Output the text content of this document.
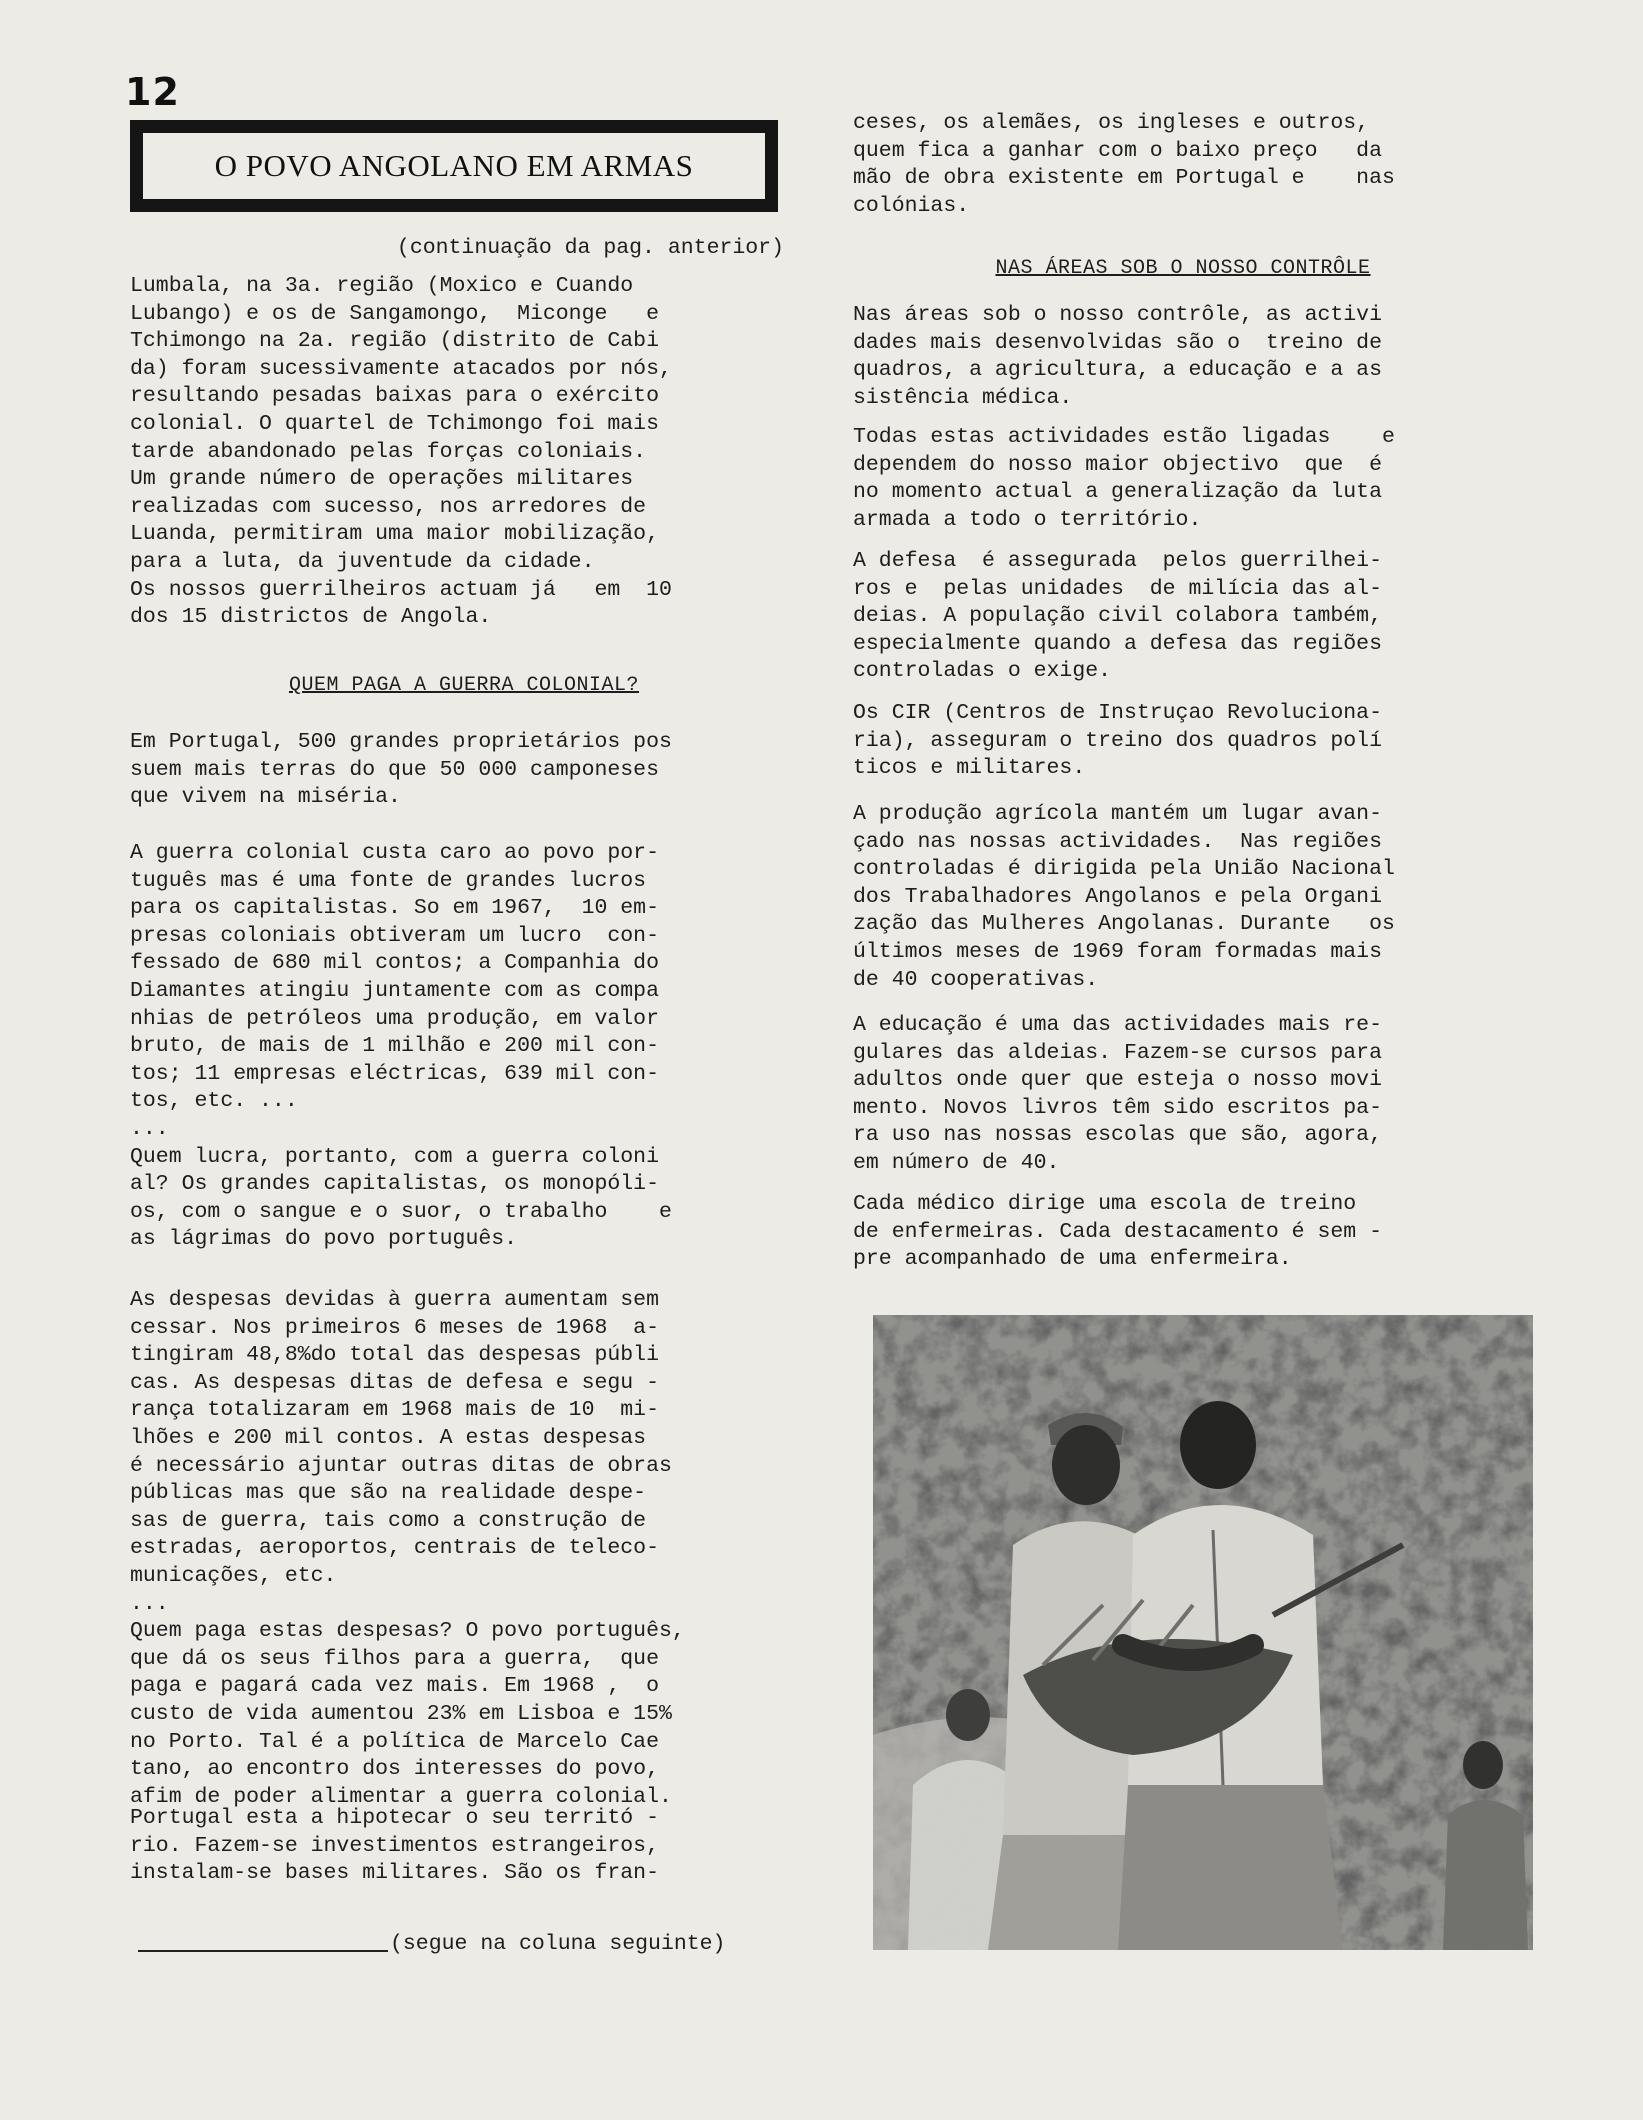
12
O POVO ANGOLANO EM ARMAS

(continuação da pag. anterior)

Lumbala, na 3a. região (Moxico e Cuando
Lubango) e os de Sangamongo,  Miconge   e
Tchimongo na 2a. região (distrito de Cabi
da) foram sucessivamente atacados por nós,
resultando pesadas baixas para o exército
colonial. O quartel de Tchimongo foi mais
tarde abandonado pelas forças coloniais.
Um grande número de operações militares
realizadas com sucesso, nos arredores de
Luanda, permitiram uma maior mobilização,
para a luta, da juventude da cidade.
Os nossos guerrilheiros actuam já   em  10
dos 15 districtos de Angola.

QUEM PAGA A GUERRA COLONIAL?

Em Portugal, 500 grandes proprietários pos
suem mais terras do que 50 000 camponeses
que vivem na miséria.

A guerra colonial custa caro ao povo por-
tuguês mas é uma fonte de grandes lucros
para os capitalistas. So em 1967,  10 em-
presas coloniais obtiveram um lucro  con-
fessado de 680 mil contos; a Companhia do
Diamantes atingiu juntamente com as compa
nhias de petróleos uma produção, em valor
bruto, de mais de 1 milhão e 200 mil con-
tos; 11 empresas eléctricas, 639 mil con-
tos, etc. ...
...
Quem lucra, portanto, com a guerra coloni
al? Os grandes capitalistas, os monopóli-
os, com o sangue e o suor, o trabalho    e
as lágrimas do povo português.

As despesas devidas à guerra aumentam sem
cessar. Nos primeiros 6 meses de 1968  a-
tingiram 48,8%do total das despesas públi
cas. As despesas ditas de defesa e segu -
rança totalizaram em 1968 mais de 10  mi-
lhões e 200 mil contos. A estas despesas
é necessário ajuntar outras ditas de obras
públicas mas que são na realidade despe-
sas de guerra, tais como a construção de
estradas, aeroportos, centrais de teleco-
municações, etc.
...
Quem paga estas despesas? O povo português,
que dá os seus filhos para a guerra,  que
paga e pagará cada vez mais. Em 1968 ,  o
custo de vida aumentou 23% em Lisboa e 15%
no Porto. Tal é a política de Marcelo Cae
tano, ao encontro dos interesses do povo,
afim de poder alimentar a guerra colonial.

Portugal esta a hipotecar o seu territó -
rio. Fazem-se investimentos estrangeiros,
instalam-se bases militares. São os fran-

(segue na coluna seguinte)

ceses, os alemães, os ingleses e outros,
quem fica a ganhar com o baixo preço   da
mão de obra existente em Portugal e    nas
colónias.

NAS ÁREAS SOB O NOSSO CONTRÔLE

Nas áreas sob o nosso contrôle, as activi
dades mais desenvolvidas são o  treino de
quadros, a agricultura, a educação e a as
sistência médica.

Todas estas actividades estão ligadas    e
dependem do nosso maior objectivo  que  é
no momento actual a generalização da luta
armada a todo o território.

A defesa  é assegurada  pelos guerrilhei-
ros e  pelas unidades  de milícia das al-
deias. A população civil colabora também,
especialmente quando a defesa das regiões
controladas o exige.

Os CIR (Centros de Instruçao Revoluciona-
ria), asseguram o treino dos quadros polí
ticos e militares.

A produção agrícola mantém um lugar avan-
çado nas nossas actividades.  Nas regiões
controladas é dirigida pela União Nacional
dos Trabalhadores Angolanos e pela Organi
zação das Mulheres Angolanas. Durante   os
últimos meses de 1969 foram formadas mais
de 40 cooperativas.

A educação é uma das actividades mais re-
gulares das aldeias. Fazem-se cursos para
adultos onde quer que esteja o nosso movi
mento. Novos livros têm sido escritos pa-
ra uso nas nossas escolas que são, agora,
em número de 40.

Cada médico dirige uma escola de treino
de enfermeiras. Cada destacamento é sem -
pre acompanhado de uma enfermeira.
